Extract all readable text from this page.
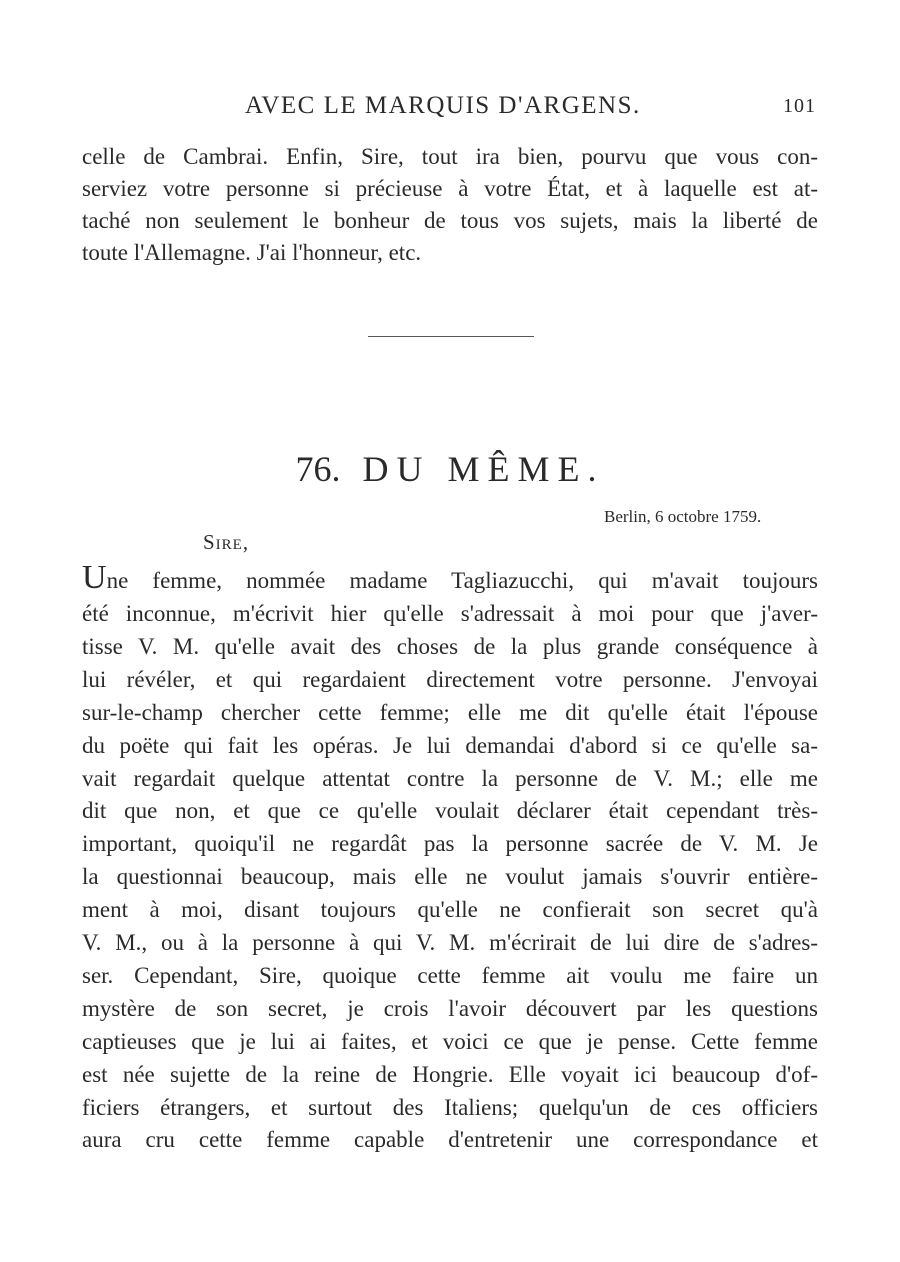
AVEC LE MARQUIS D'ARGENS.	101
celle de Cambrai. Enfin, Sire, tout ira bien, pourvu que vous con-
serviez votre personne si précieuse à votre État, et à laquelle est at-
taché non seulement le bonheur de tous vos sujets, mais la liberté de
toute l'Allemagne. J'ai l'honneur, etc.
76. DU MÊME.
Berlin, 6 octobre 1759.
Sire,
Une femme, nommée madame Tagliazucchi, qui m'avait toujours
été inconnue, m'écrivit hier qu'elle s'adressait à moi pour que j'aver-
tisse V. M. qu'elle avait des choses de la plus grande conséquence à
lui révéler, et qui regardaient directement votre personne. J'envoyai
sur-le-champ chercher cette femme; elle me dit qu'elle était l'épouse
du poëte qui fait les opéras. Je lui demandai d'abord si ce qu'elle sa-
vait regardait quelque attentat contre la personne de V. M.; elle me
dit que non, et que ce qu'elle voulait déclarer était cependant très-
important, quoiqu'il ne regardât pas la personne sacrée de V. M. Je
la questionnai beaucoup, mais elle ne voulut jamais s'ouvrir entière-
ment à moi, disant toujours qu'elle ne confierait son secret qu'à
V. M., ou à la personne à qui V. M. m'écrirait de lui dire de s'adres-
ser. Cependant, Sire, quoique cette femme ait voulu me faire un
mystère de son secret, je crois l'avoir découvert par les questions
captieuses que je lui ai faites, et voici ce que je pense. Cette femme
est née sujette de la reine de Hongrie. Elle voyait ici beaucoup d'of-
ficiers étrangers, et surtout des Italiens; quelqu'un de ces officiers
aura cru cette femme capable d'entretenir une correspondance et
